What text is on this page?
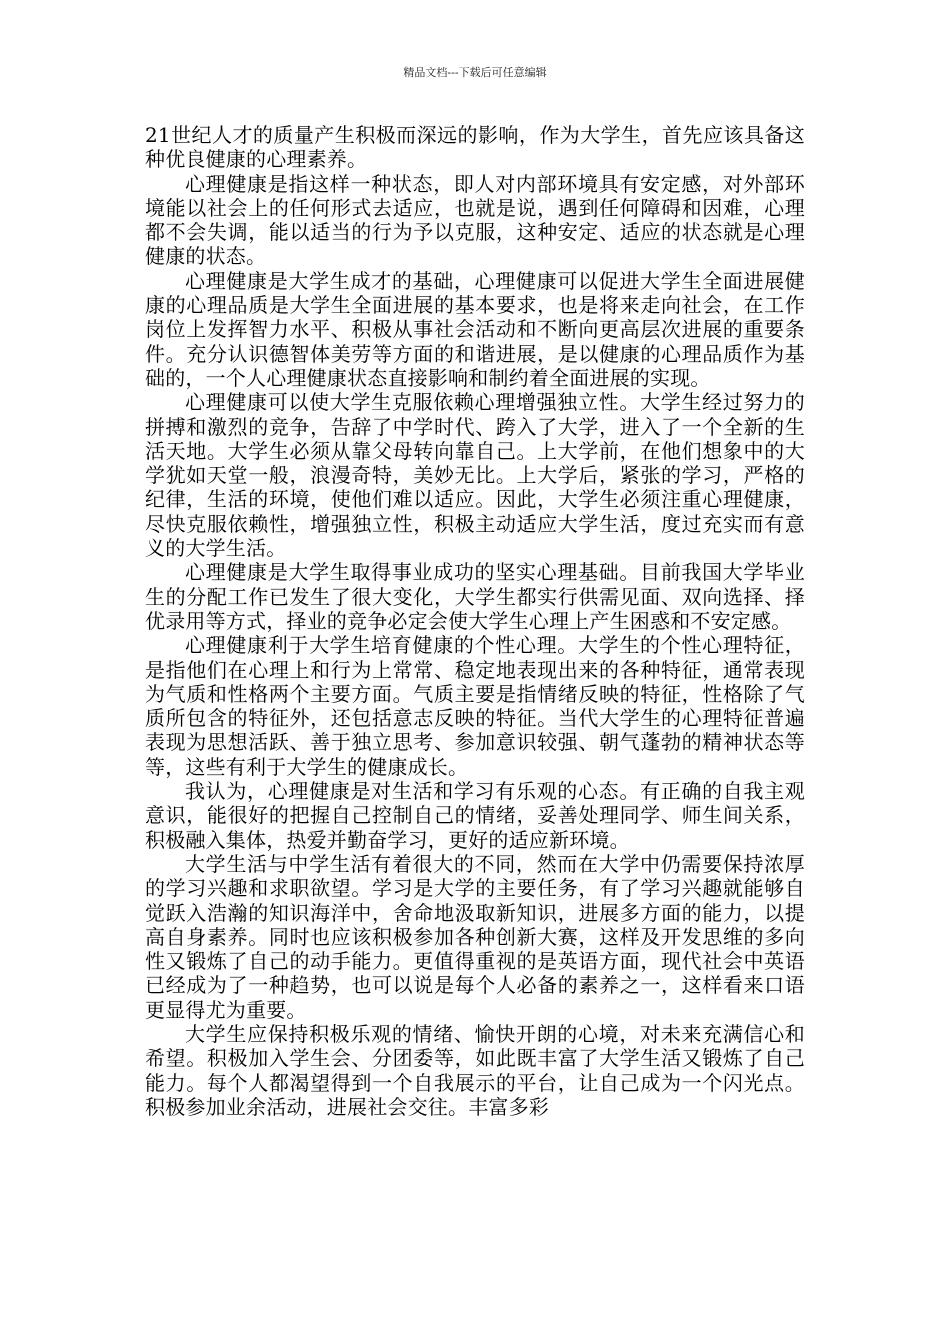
精品文档---下载后可任意编辑

21世纪人才的质量产生积极而深远的影响，作为大学生，首先应该具备这种优良健康的心理素养。

心理健康是指这样一种状态，即人对内部环境具有安定感，对外部环境能以社会上的任何形式去适应，也就是说，遇到任何障碍和因难，心理都不会失调，能以适当的行为予以克服，这种安定、适应的状态就是心理健康的状态。

心理健康是大学生成才的基础，心理健康可以促进大学生全面进展健康的心理品质是大学生全面进展的基本要求，也是将来走向社会，在工作岗位上发挥智力水平、积极从事社会活动和不断向更高层次进展的重要条件。充分认识德智体美劳等方面的和谐进展，是以健康的心理品质作为基础的，一个人心理健康状态直接影响和制约着全面进展的实现。

心理健康可以使大学生克服依赖心理增强独立性。大学生经过努力的拼搏和激烈的竞争，告辞了中学时代、跨入了大学，进入了一个全新的生活天地。大学生必须从靠父母转向靠自己。上大学前，在他们想象中的大学犹如天堂一般，浪漫奇特，美妙无比。上大学后，紧张的学习，严格的纪律，生活的环境，使他们难以适应。因此，大学生必须注重心理健康，尽快克服依赖性，增强独立性，积极主动适应大学生活，度过充实而有意义的大学生活。

心理健康是大学生取得事业成功的坚实心理基础。目前我国大学毕业生的分配工作已发生了很大变化，大学生都实行供需见面、双向选择、择优录用等方式，择业的竞争必定会使大学生心理上产生困惑和不安定感。

心理健康利于大学生培育健康的个性心理。大学生的个性心理特征，是指他们在心理上和行为上常常、稳定地表现出来的各种特征，通常表现为气质和性格两个主要方面。气质主要是指情绪反映的特征，性格除了气质所包含的特征外，还包括意志反映的特征。当代大学生的心理特征普遍表现为思想活跃、善于独立思考、参加意识较强、朝气蓬勃的精神状态等等，这些有利于大学生的健康成长。

我认为，心理健康是对生活和学习有乐观的心态。有正确的自我主观意识，能很好的把握自己控制自己的情绪，妥善处理同学、师生间关系，积极融入集体，热爱并勤奋学习，更好的适应新环境。

大学生活与中学生活有着很大的不同，然而在大学中仍需要保持浓厚的学习兴趣和求职欲望。学习是大学的主要任务，有了学习兴趣就能够自觉跃入浩瀚的知识海洋中，舍命地汲取新知识，进展多方面的能力，以提高自身素养。同时也应该积极参加各种创新大赛，这样及开发思维的多向性又锻炼了自己的动手能力。更值得重视的是英语方面，现代社会中英语已经成为了一种趋势，也可以说是每个人必备的素养之一，这样看来口语更显得尤为重要。

大学生应保持积极乐观的情绪、愉快开朗的心境，对未来充满信心和希望。积极加入学生会、分团委等，如此既丰富了大学生活又锻炼了自己能力。每个人都渴望得到一个自我展示的平台，让自己成为一个闪光点。积极参加业余活动，进展社会交往。丰富多彩
